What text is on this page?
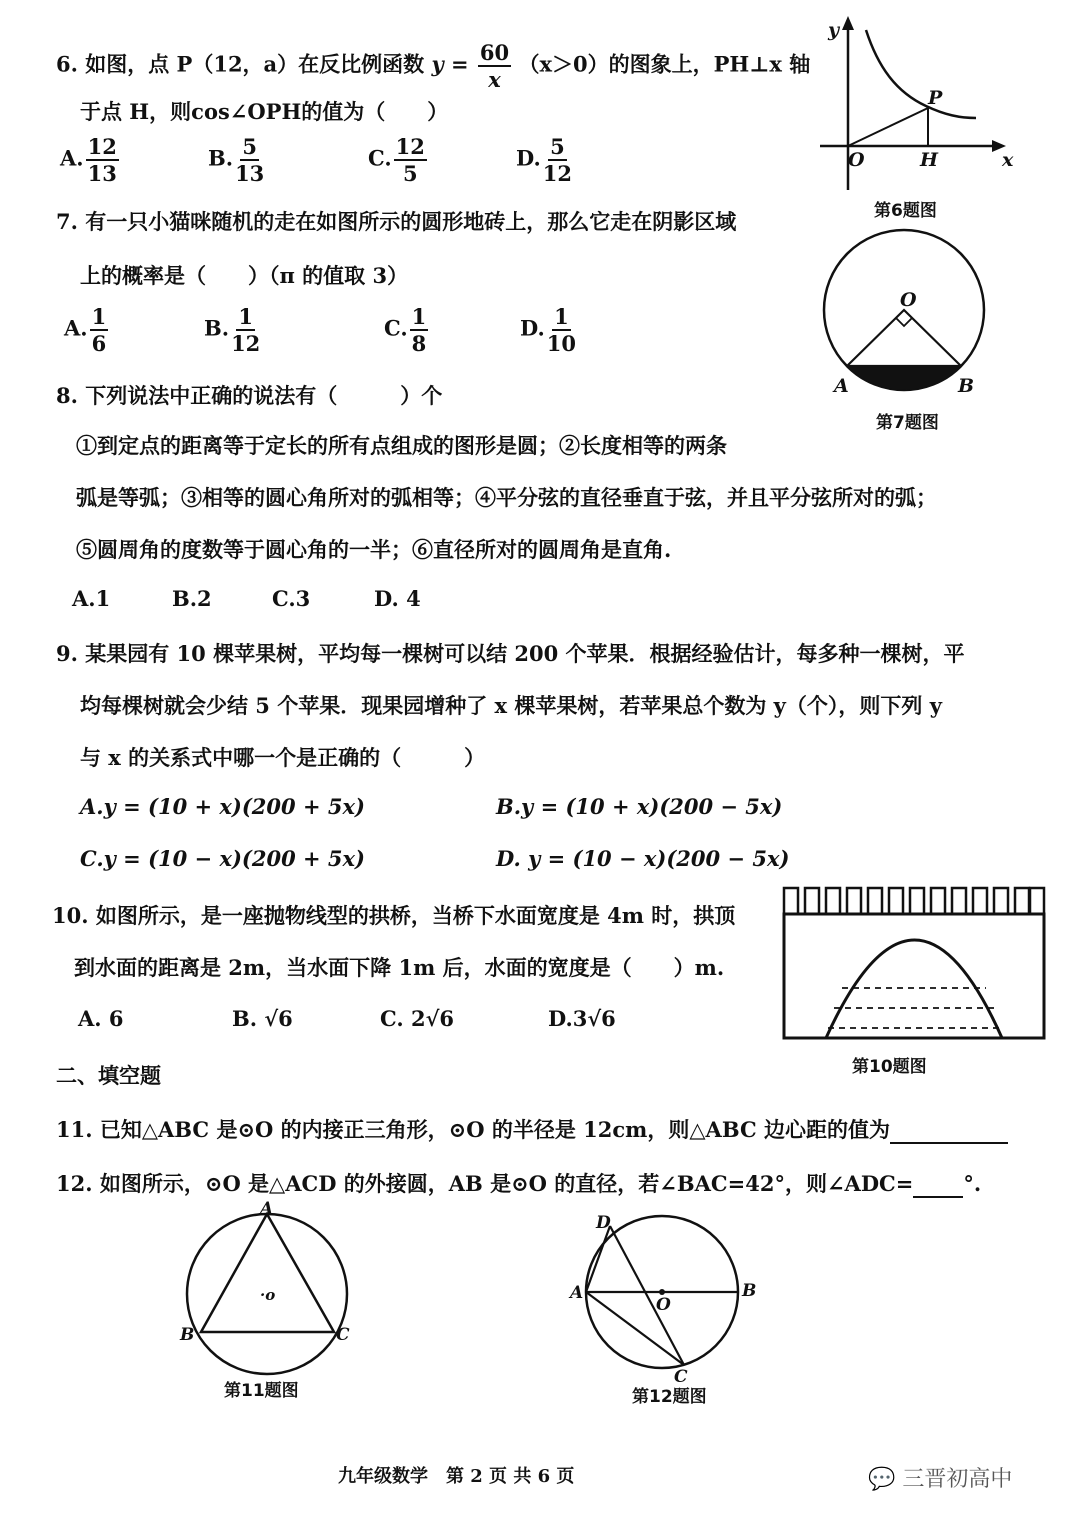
6. 如图，点 P（12，a）在反比例函数 $y = \frac{60}{x} (x>0)$的图象上，PH⊥x 轴
于点 H，则cos∠OPH的值为（　　）
A. $\frac{12}{13}$	B. $\frac{5}{13}$	C. $\frac{12}{5}$	D. $\frac{5}{12}$
y
x
O	H
P
第6题图
7. 有一只小猫咪随机的走在如图所示的圆形地砖上，那么它走在阴影区域
上的概率是（　　）（π 的值取 3）
A. $\frac{1}{6}$	B. $\frac{1}{12}$	C. $\frac{1}{8}$	D. $\frac{1}{10}$
O
A	B
第7题图
8. 下列说法中正确的说法有（　　　）个
①到定点的距离等于定长的所有点组成的图形是圆；②长度相等的两条
弧是等弧；③相等的圆心角所对的弧相等；④平分弦的直径垂直于弦，并且平分弦所对的弧；
⑤圆周角的度数等于圆心角的一半；⑥直径所对的圆周角是直角.
A.1	B.2	C.3	D. 4
9. 某果园有 10 棵苹果树，平均每一棵树可以结 200 个苹果．根据经验估计，每多种一棵树，平
均每棵树就会少结 5 个苹果．现果园增种了 x 棵苹果树，若苹果总个数为 y（个），则下列 y
与 x 的关系式中哪一个是正确的（　　　）
A.y = (10 + x)(200 + 5x)	B.y = (10 + x)(200 − 5x)
C.y = (10 − x)(200 + 5x)	D. y = (10 − x)(200 − 5x)
10. 如图所示，是一座抛物线型的拱桥，当桥下水面宽度是 4m 时，拱顶
到水面的距离是 2m，当水面下降 1m 后，水面的宽度是（　　）m.
A. 6	B. √6	C. 2√6	D.3√6
第10题图
二、填空题
11. 已知△ABC 是⊙O 的内接正三角形，⊙O 的半径是 12cm，则△ABC 边心距的值为
12. 如图所示，⊙O 是△ACD 的外接圆，AB 是⊙O 的直径，若∠BAC=42°，则∠ADC= °.
A
B	C
·o
第11题图
D
A	B
O
C
第12题图
九年级数学　第 2 页 共 6 页	💬 三晋初高中
